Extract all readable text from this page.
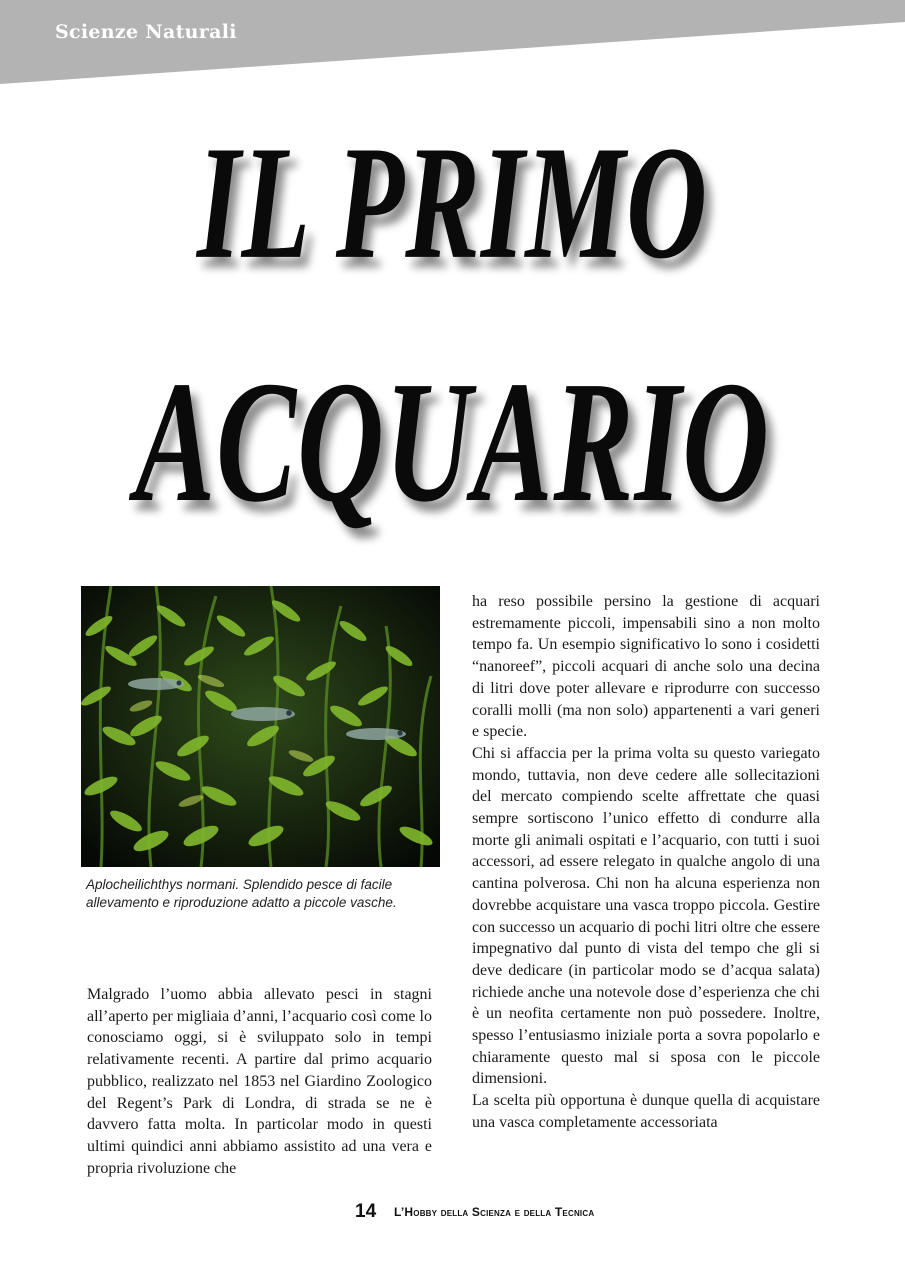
Scienze Naturali
IL PRIMO
ACQUARIO
Aplocheilichthys normani. Splendido pesce di facile allevamento e riproduzione adatto a piccole vasche.

Malgrado l’uomo abbia allevato pesci in stagni all’aperto per migliaia d’anni, l’acquario così come lo conosciamo oggi, si è sviluppato solo in tempi relativamente recenti. A partire dal primo acquario pubblico, realizzato nel 1853 nel Giardino Zoologico del Regent’s Park di Londra, di strada se ne è davvero fatta molta. In particolar modo in questi ultimi quindici anni abbiamo assistito ad una vera e propria rivoluzione che

ha reso possibile persino la gestione di acquari estremamente piccoli, impensabili sino a non molto tempo fa. Un esempio significativo lo sono i cosidetti “nanoreef”, piccoli acquari di anche solo una decina di litri dove poter allevare e riprodurre con successo coralli molli (ma non solo) appartenenti a vari generi e specie.

Chi si affaccia per la prima volta su questo variegato mondo, tuttavia, non deve cedere alle sollecitazioni del mercato compiendo scelte affrettate che quasi sempre sortiscono l’unico effetto di condurre alla morte gli animali ospitati e l’acquario, con tutti i suoi accessori, ad essere relegato in qualche angolo di una cantina polverosa. Chi non ha alcuna esperienza non dovrebbe acquistare una vasca troppo piccola. Gestire con successo un acquario di pochi litri oltre che essere impegnativo dal punto di vista del tempo che gli si deve dedicare (in particolar modo se d’acqua salata) richiede anche una notevole dose d’esperienza che chi è un neofita certamente non può possedere. Inoltre, spesso l’entusiasmo iniziale porta a sovra popolarlo e chiaramente questo mal si sposa con le piccole dimensioni.

La scelta più opportuna è dunque quella di acquistare una vasca completamente accessoriata

14 L’Hobby della Scienza e della Tecnica
